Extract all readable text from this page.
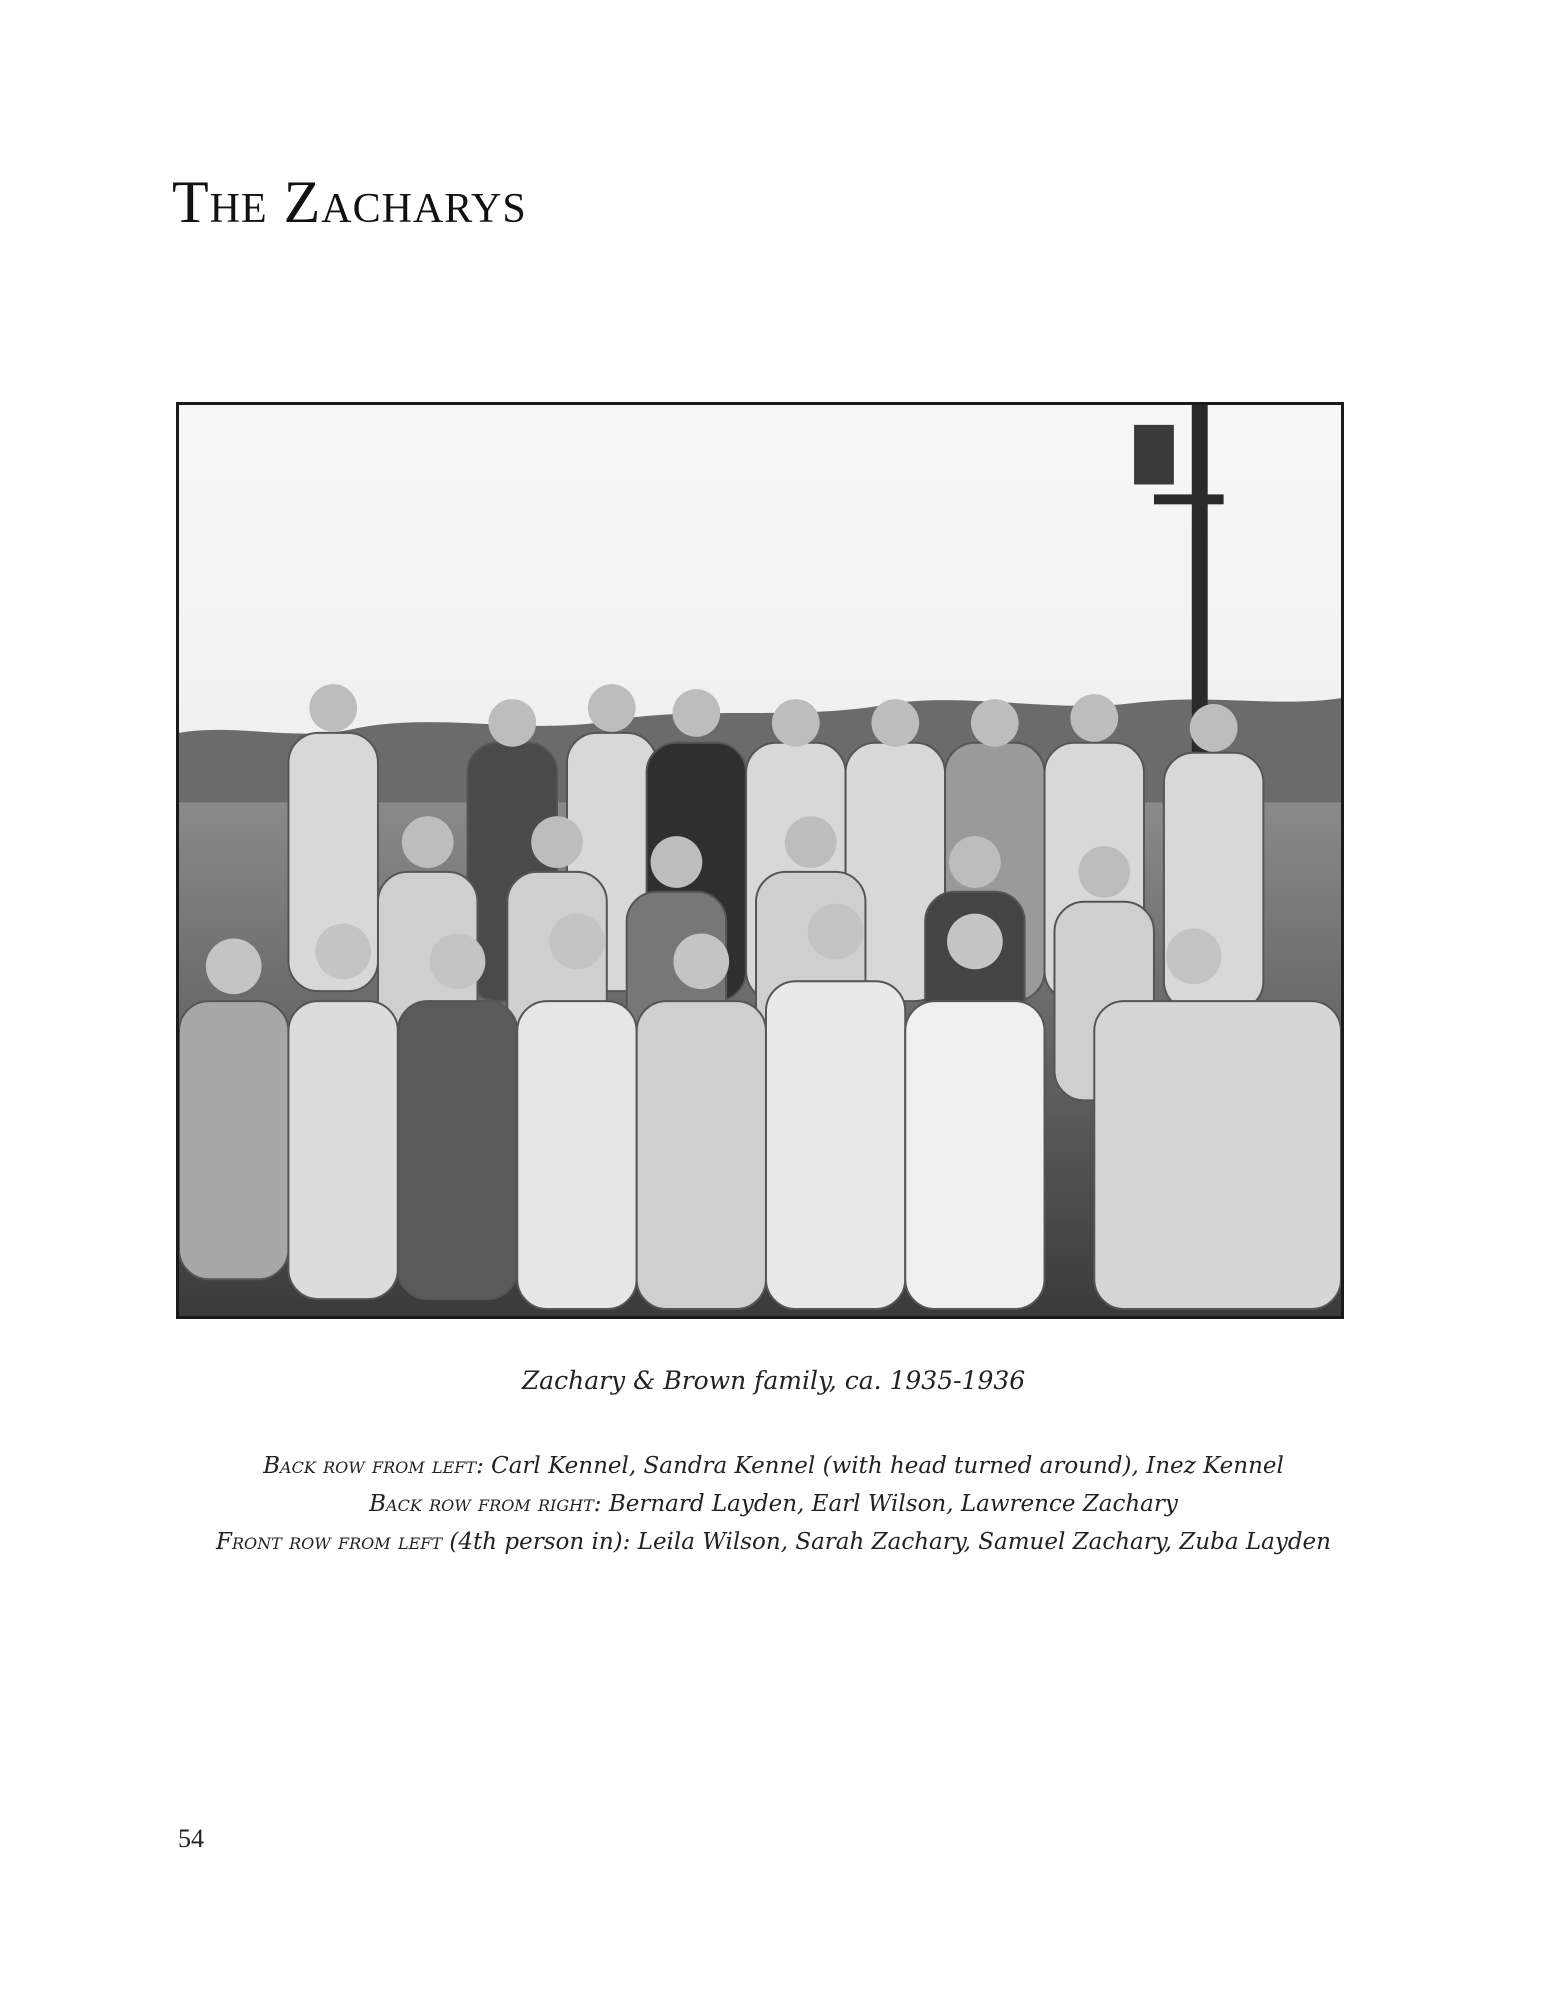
The Zacharys
Zachary & Brown family, ca. 1935-1936
Back row from left: Carl Kennel, Sandra Kennel (with head turned around), Inez Kennel
Back row from right: Bernard Layden, Earl Wilson, Lawrence Zachary
Front row from left (4th person in): Leila Wilson, Sarah Zachary, Samuel Zachary, Zuba Layden
54
